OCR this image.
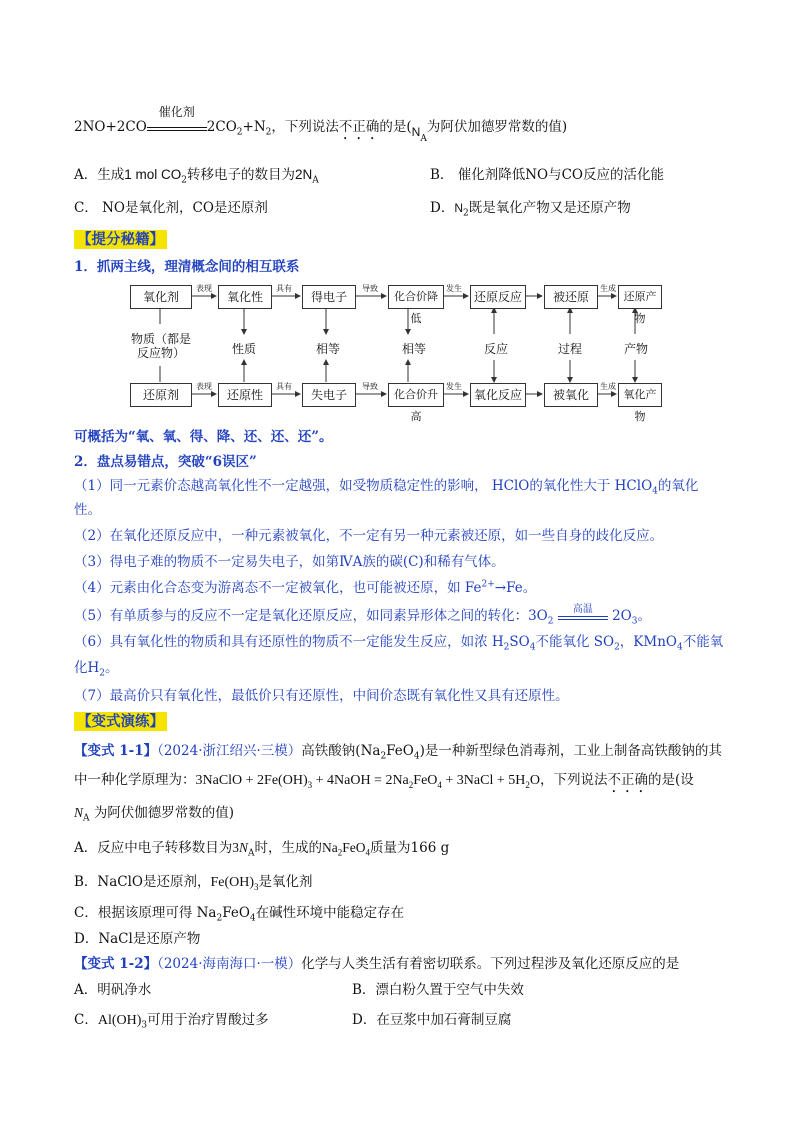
2NO+2CO
催化剂
$2CO_2+N_2$，下列说法不正确的是($N_A$为阿伏加德罗常数的值)
A．生成1 mol $CO_2$转移电子的数目为$2N_A$	B． 催化剂降低NO与CO反应的活化能
C． NO是氧化剂，CO是还原剂	D．$N_2$既是氧化产物又是还原产物
【提分秘籍】
1．抓两主线，理清概念间的相互联系
氧化剂	氧化性	得电子	化合价降低
还原反应	被还原	还原产物
还原剂	还原性	失电子	化合价升高
氧化反应	被氧化	氧化产物
表现	具有	导致	发生	生成
表现	具有	导致	发生	生成
物质（都是反应物）	性质	相等	相等	反应	过程	产物
可概括为“氧、氧、得、降、还、还、还”。
2．盘点易错点，突破“6误区”
（1）同一元素价态越高氧化性不一定越强，如受物质稳定性的影响， HClO的氧化性大于 HClO$_4$的氧化
性。
（2）在氧化还原反应中，一种元素被氧化，不一定有另一种元素被还原，如一些自身的歧化反应。
（3）得电子难的物质不一定易失电子，如第ⅣA族的碳(C)和稀有气体。
（4）元素由化合态变为游离态不一定被氧化，也可能被还原，如 $Fe^{2+}\to Fe$。
（5）有单质参与的反应不一定是氧化还原反应，如同素异形体之间的转化：$3O_2$
高温	$2O_3$。
（6）具有氧化性的物质和具有还原性的物质不一定能发生反应，如浓 $H_2SO_4$不能氧化 $SO_2$，KMnO$_4$不能氧
化$H_2$。
（7）最高价只有氧化性，最低价只有还原性，中间价态既有氧化性又具有还原性。
【变式演练】
【变式 1-1】（2024·浙江绍兴·三模）高铁酸钠$(Na_2FeO_4)$是一种新型绿色消毒剂，工业上制备高铁酸钠的其
中一种化学原理为：3NaClO + $2Fe(OH)_3$ + 4NaOH = $2Na_2FeO_4$ + 3NaCl + $5H_2O$，下列说法不正确的是(设
$N_A$ 为阿伏伽德罗常数的值)
A．反应中电子转移数目为$3N_A$时，生成的$Na_2FeO_4$质量为166 g
B．NaClO是还原剂，$Fe(OH)_3$是氧化剂
C．根据该原理可得 $Na_2FeO_4$在碱性环境中能稳定存在
D．NaCl是还原产物
【变式 1-2】（2024·海南海口·一模）化学与人类生活有着密切联系。下列过程涉及氧化还原反应的是
A．明矾净水	B．漂白粉久置于空气中失效
C．$Al(OH)_3$可用于治疗胃酸过多	D．在豆浆中加石膏制豆腐
